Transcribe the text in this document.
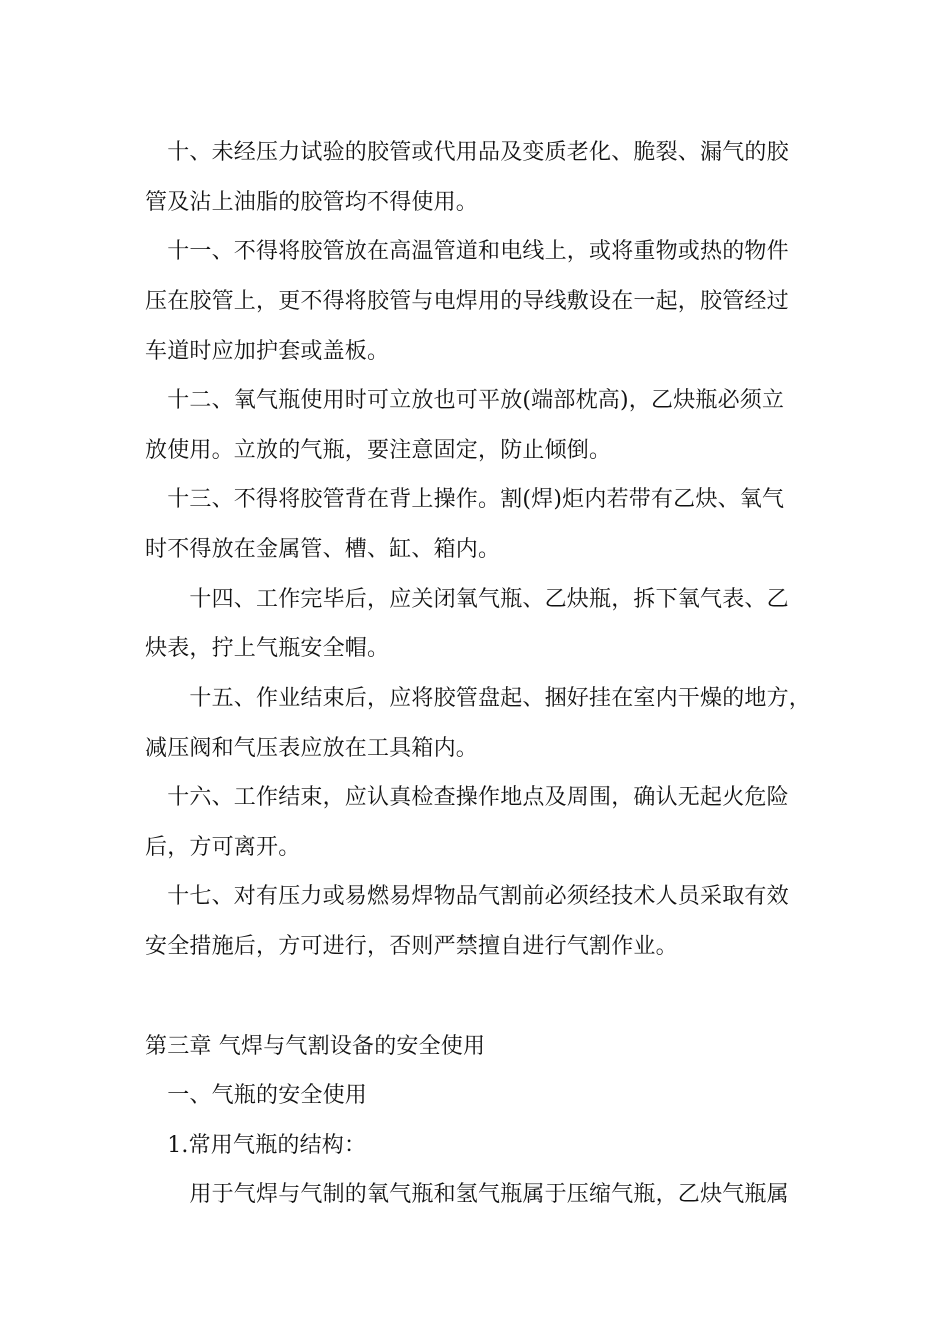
　十、未经压力试验的胶管或代用品及变质老化、脆裂、漏气的胶
管及沾上油脂的胶管均不得使用。
　十一、不得将胶管放在高温管道和电线上，或将重物或热的物件
压在胶管上，更不得将胶管与电焊用的导线敷设在一起，胶管经过
车道时应加护套或盖板。
　十二、氧气瓶使用时可立放也可平放(端部枕高)，乙炔瓶必须立
放使用。立放的气瓶，要注意固定，防止倾倒。
　十三、不得将胶管背在背上操作。割(焊)炬内若带有乙炔、氧气
时不得放在金属管、槽、缸、箱内。
　　十四、工作完毕后，应关闭氧气瓶、乙炔瓶，拆下氧气表、乙
炔表，拧上气瓶安全帽。
　　十五、作业结束后，应将胶管盘起、捆好挂在室内干燥的地方，
减压阀和气压表应放在工具箱内。
　十六、工作结束，应认真检查操作地点及周围，确认无起火危险
后，方可离开。
　十七、对有压力或易燃易焊物品气割前必须经技术人员采取有效
安全措施后，方可进行，否则严禁擅自进行气割作业。
第三章 气焊与气割设备的安全使用
　一、气瓶的安全使用
　1.常用气瓶的结构：
　　用于气焊与气制的氧气瓶和氢气瓶属于压缩气瓶，乙炔气瓶属
